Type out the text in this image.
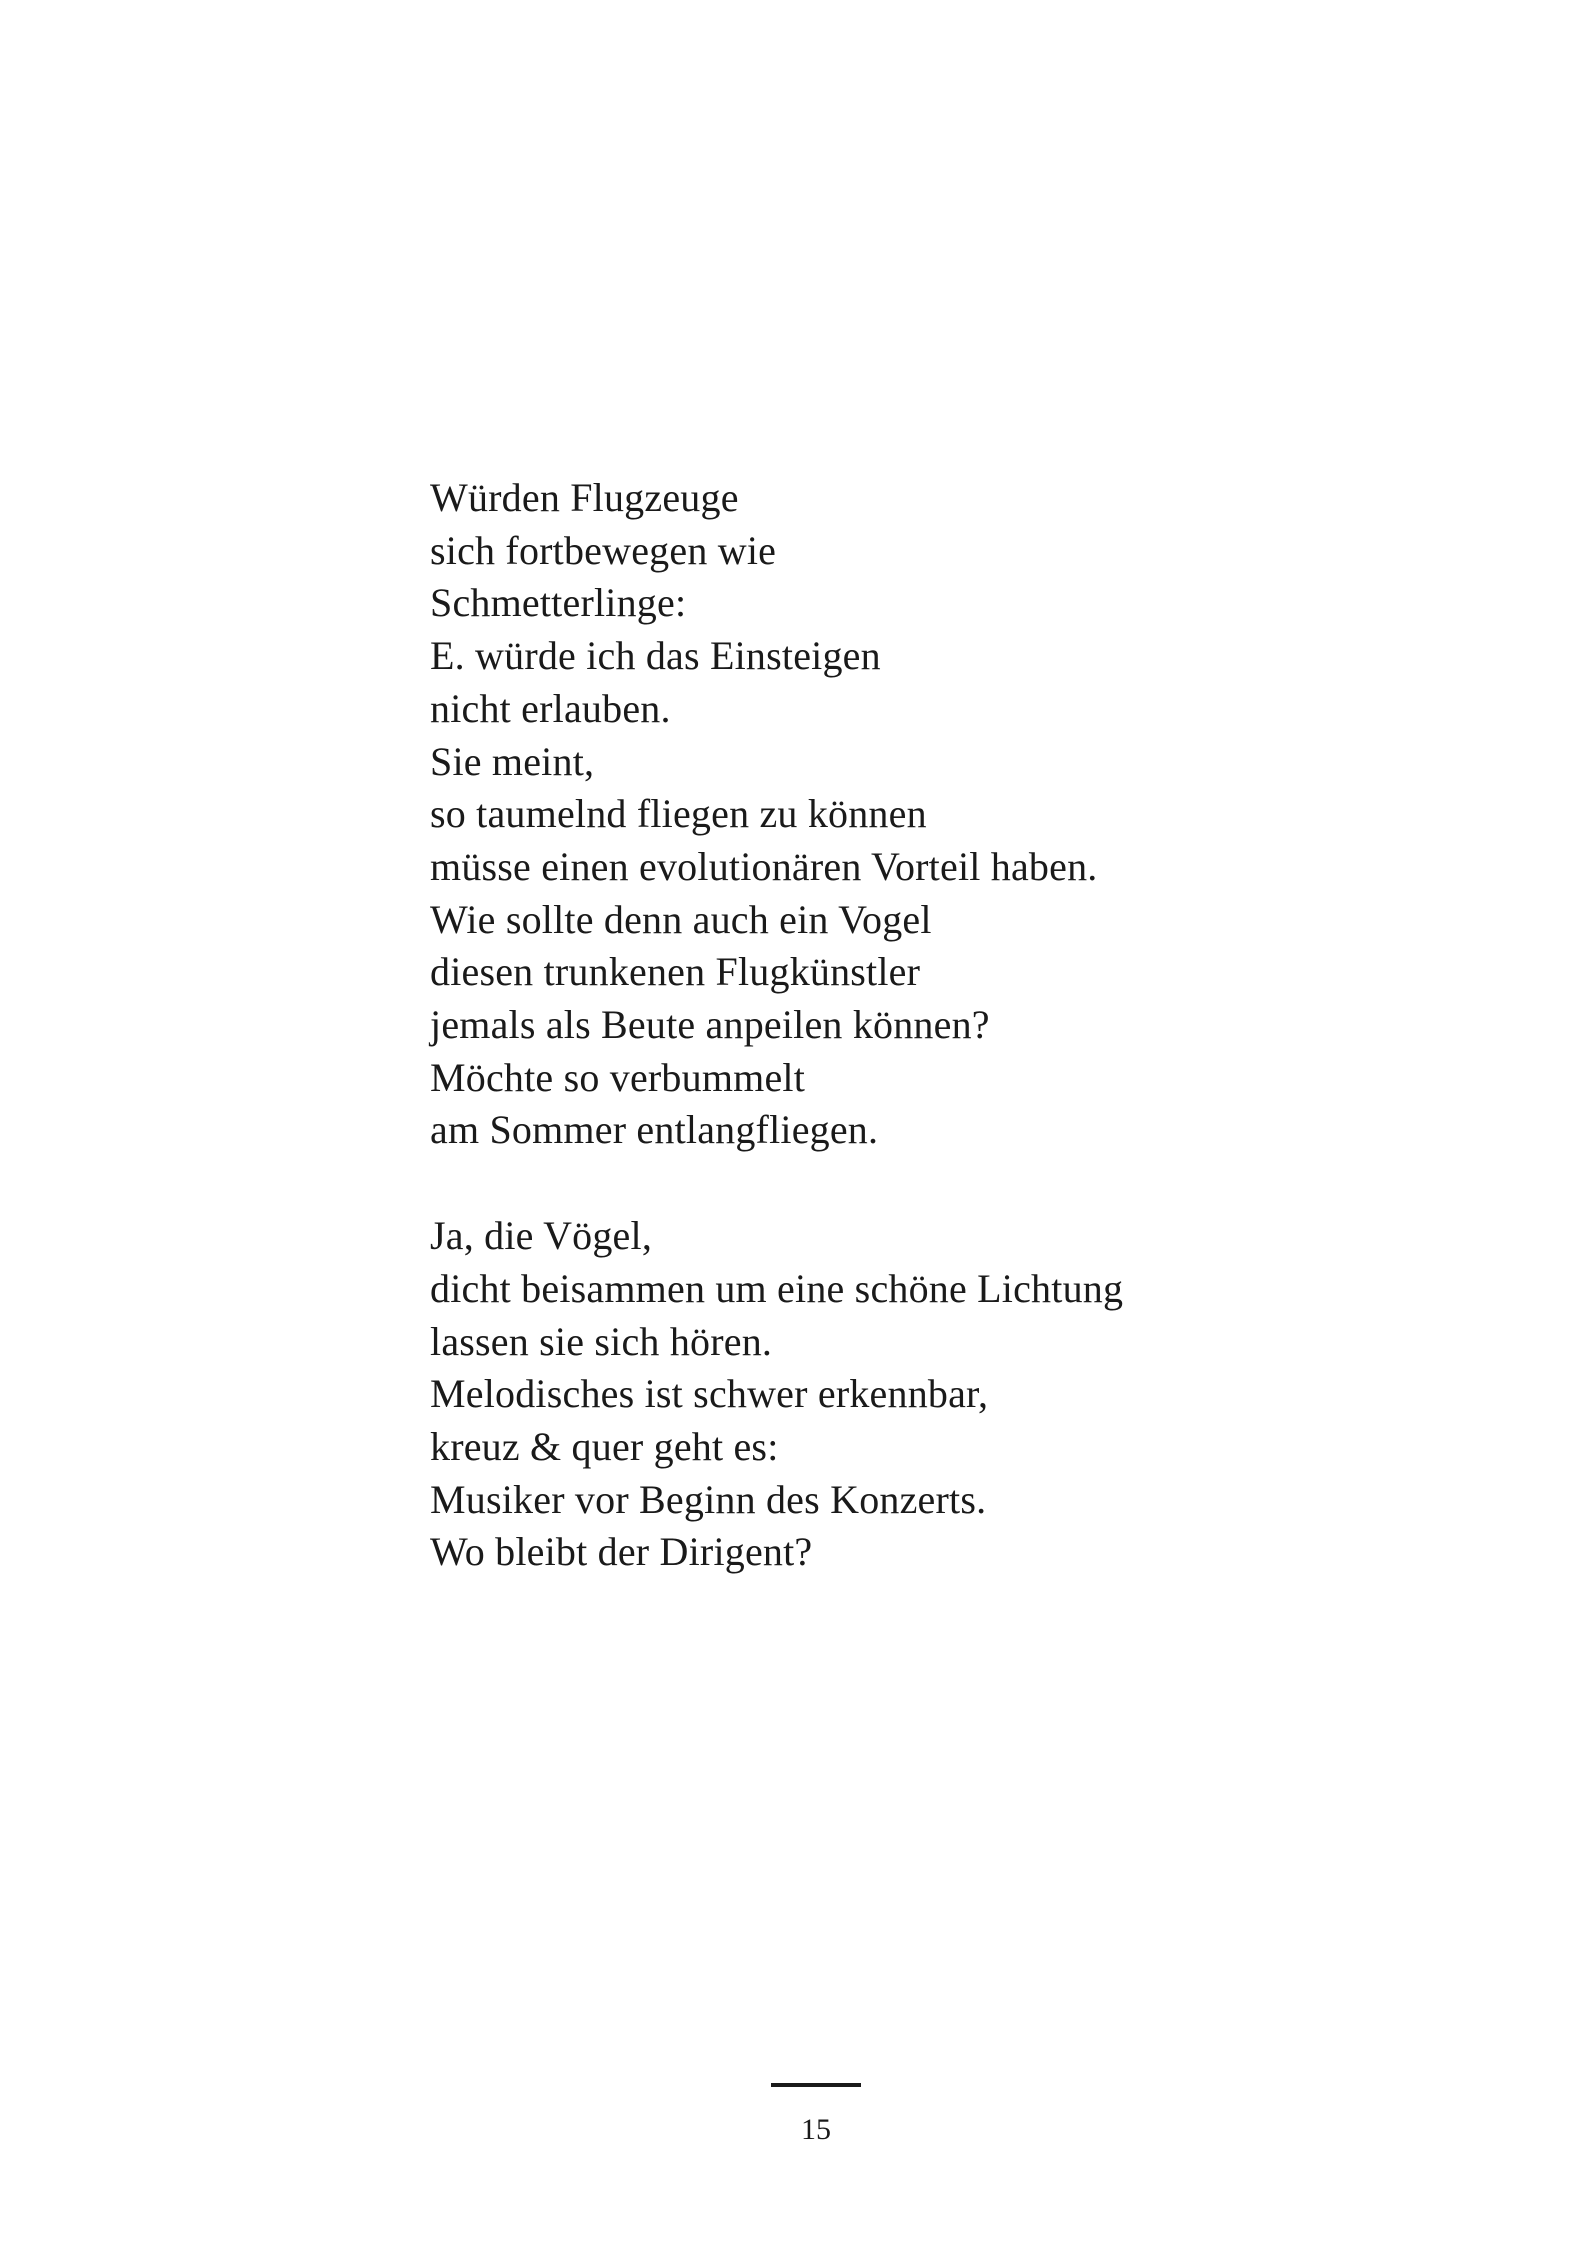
Würden Flugzeuge
sich fortbewegen wie
Schmetterlinge:
E. würde ich das Einsteigen
nicht erlauben.
Sie meint,
so taumelnd fliegen zu können
müsse einen evolutionären Vorteil haben.
Wie sollte denn auch ein Vogel
diesen trunkenen Flugkünstler
jemals als Beute anpeilen können?
Möchte so verbummelt
am Sommer entlangfliegen.
Ja, die Vögel,
dicht beisammen um eine schöne Lichtung
lassen sie sich hören.
Melodisches ist schwer erkennbar,
kreuz & quer geht es:
Musiker vor Beginn des Konzerts.
Wo bleibt der Dirigent?
15
